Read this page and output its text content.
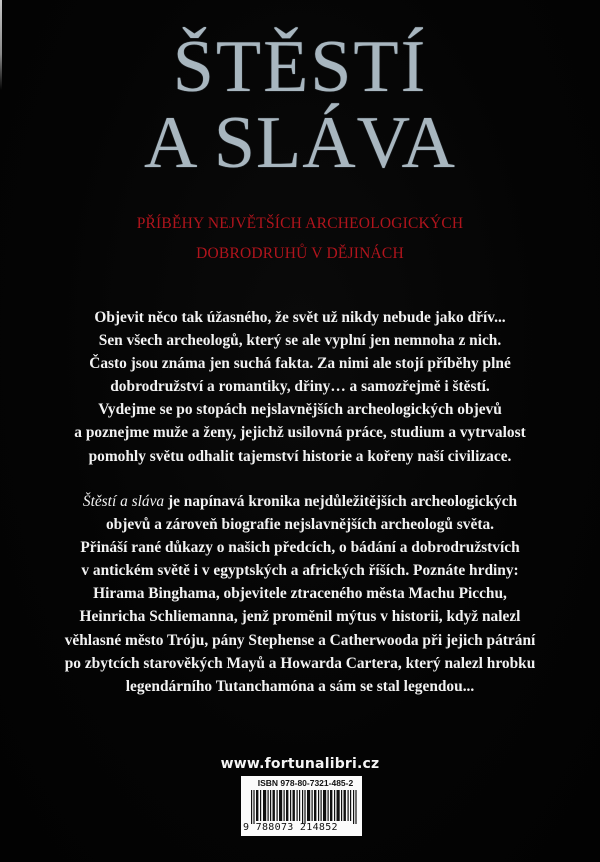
ŠTĚSTÍ
A SLÁVA
PŘÍBĚHY NEJVĚTŠÍCH ARCHEOLOGICKÝCH
DOBRODRUHŮ V DĚJINÁCH

Objevit něco tak úžasného, že svět už nikdy nebude jako dřív...
Sen všech archeologů, který se ale vyplní jen nemnoha z nich.
Často jsou známa jen suchá fakta. Za nimi ale stojí příběhy plné
dobrodružství a romantiky, dřiny… a samozřejmě i štěstí.
Vydejme se po stopách nejslavnějších archeologických objevů
a poznejme muže a ženy, jejichž usilovná práce, studium a vytrvalost
pomohly světu odhalit tajemství historie a kořeny naší civilizace.

Štěstí a sláva je napínavá kronika nejdůležitějších archeologických
objevů a zároveň biografie nejslavnějších archeologů světa.
Přináší rané důkazy o našich předcích, o bádání a dobrodružstvích
v antickém světě i v egyptských a afrických říších. Poznáte hrdiny:
Hirama Binghama, objevitele ztraceného města Machu Picchu,
Heinricha Schliemanna, jenž proměnil mýtus v historii, když nalezl
věhlasné město Tróju, pány Stephense a Catherwooda při jejich pátrání
po zbytcích starověkých Mayů a Howarda Cartera, který nalezl hrobku
legendárního Tutanchamóna a sám se stal legendou...

www.fortunalibri.cz
ISBN 978-80-7321-485-2
9 788073 214852
